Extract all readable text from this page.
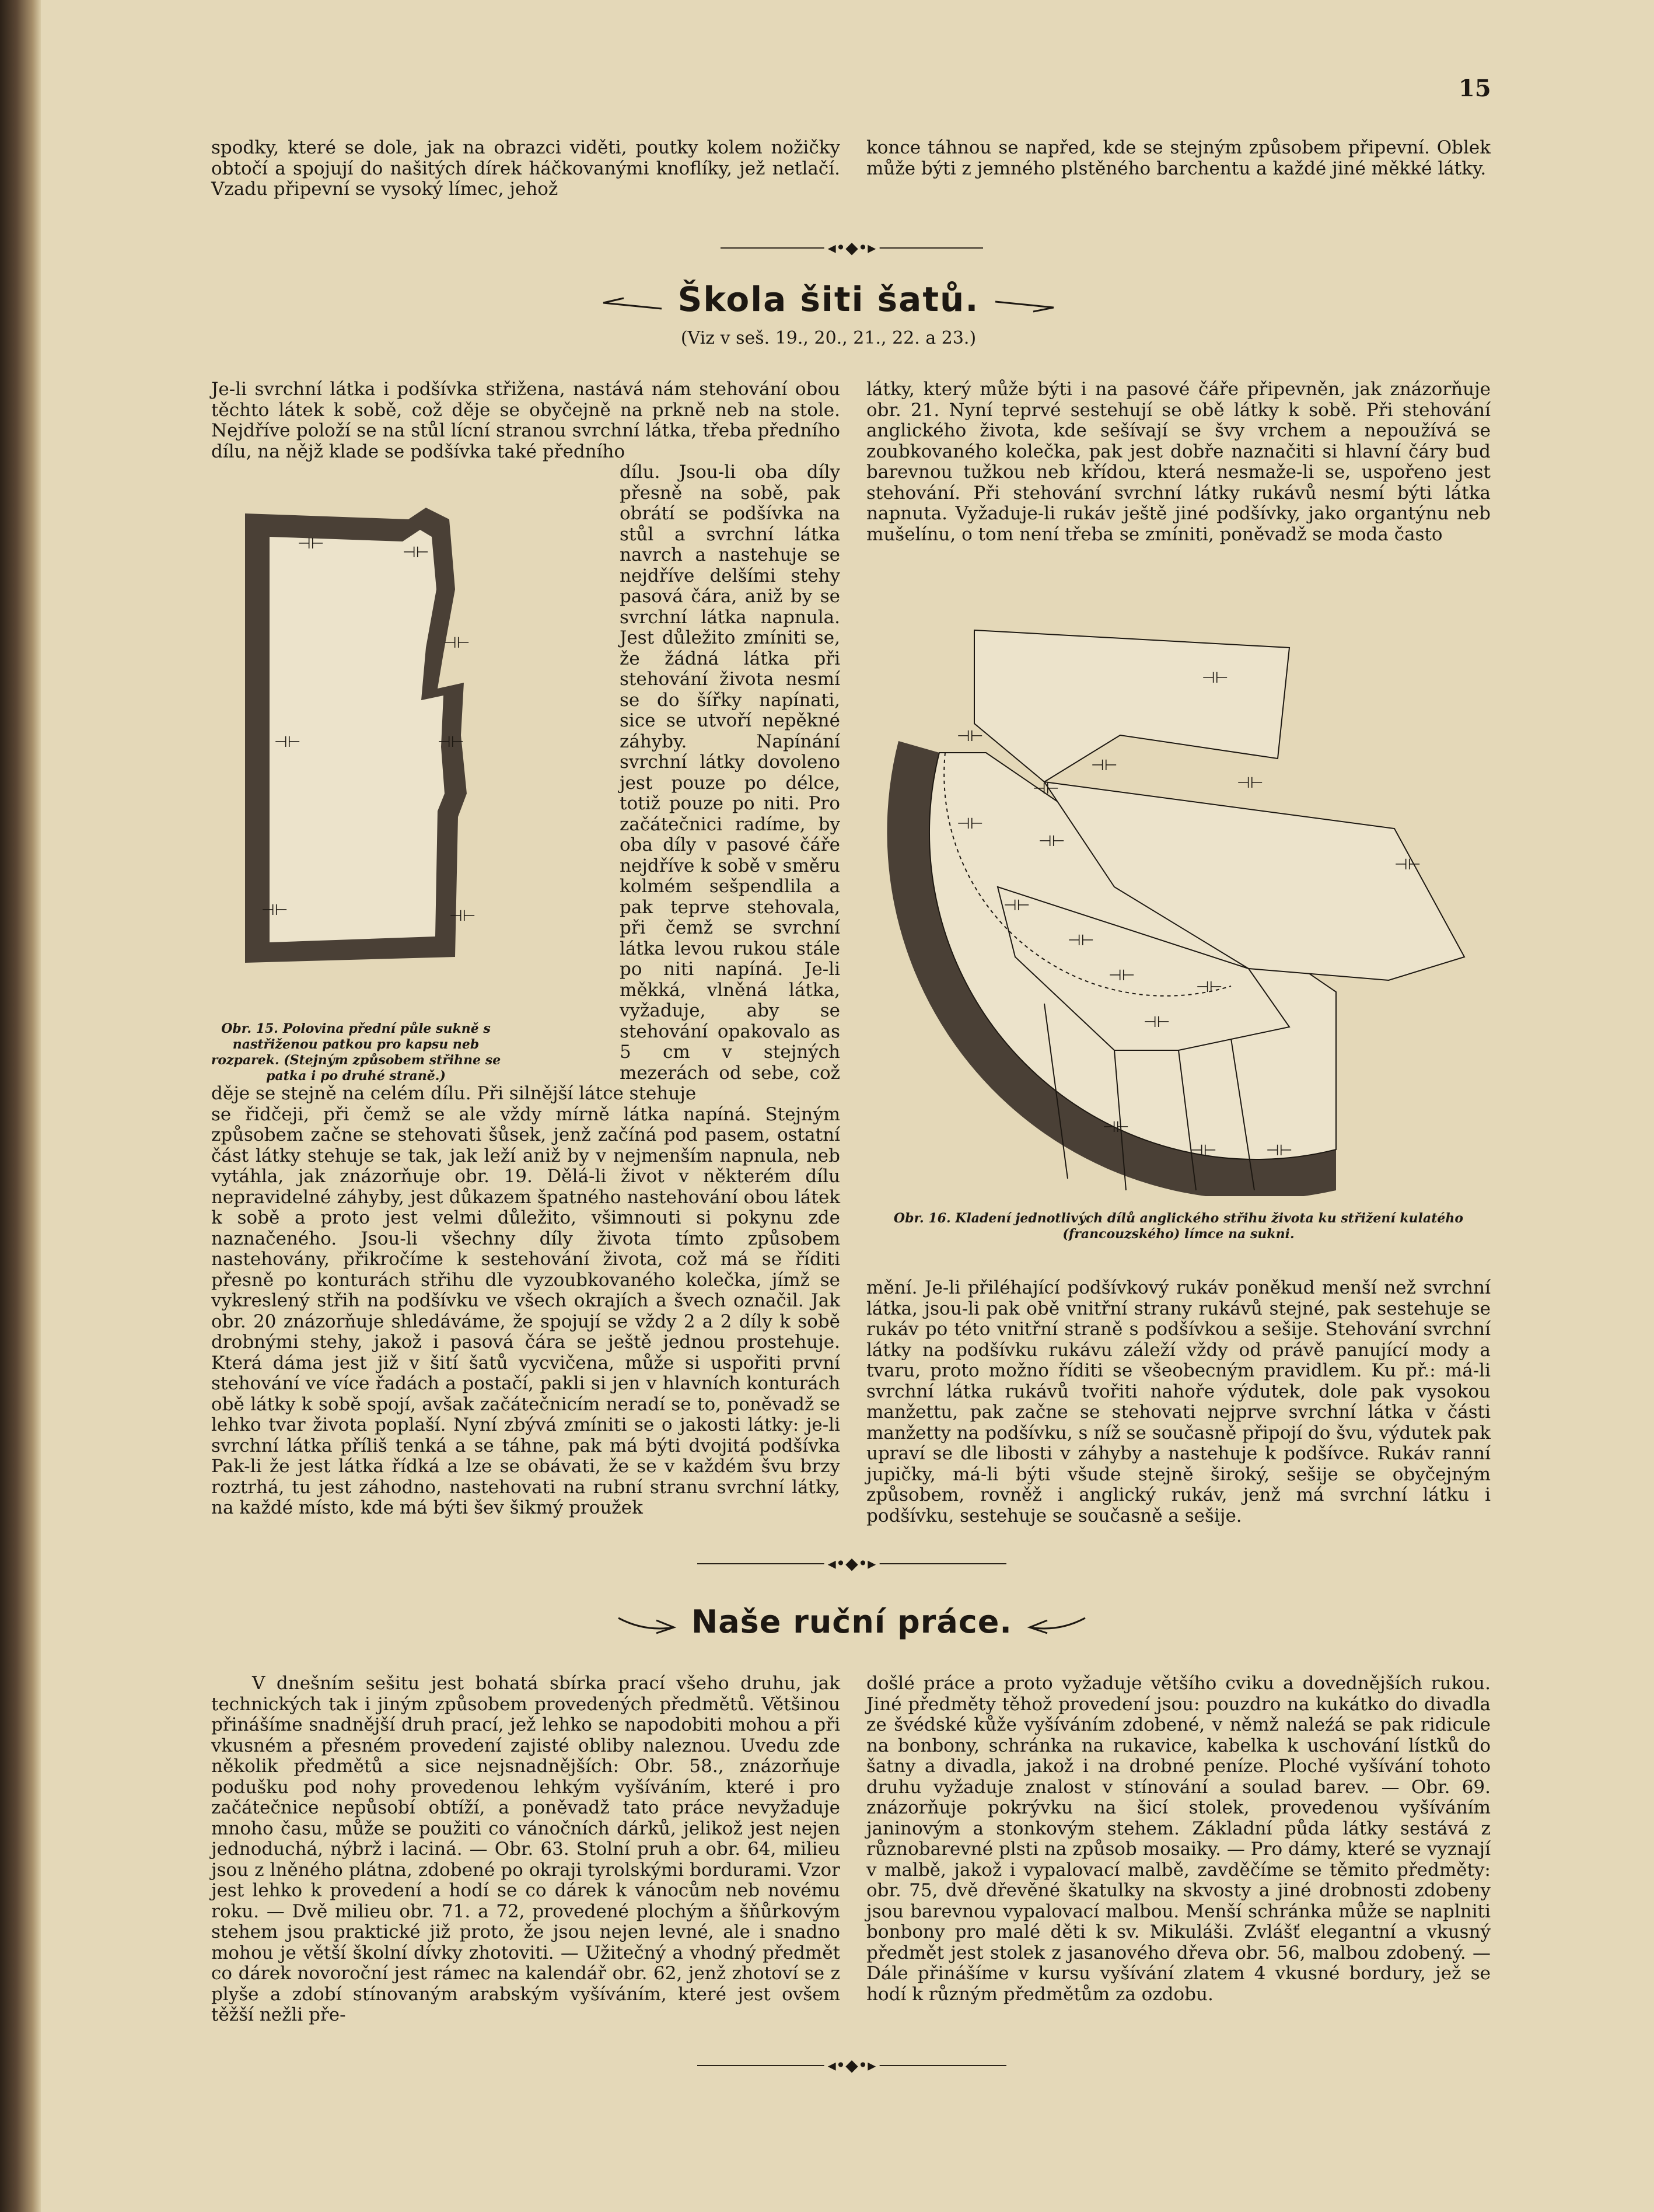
15

spodky, které se dole, jak na obrazci viděti, poutky kolem nožičky obtočí a spojují do našitých dírek háčkovanými knoflíky, jež netlačí. Vzadu připevní se vysoký límec, jehož

konce táhnou se napřed, kde se stejným způsobem připevní. Oblek může býti z jemného plstěného barchentu a každé jiné měkké látky.

◂•◆•▸
Škola šiti šatů.
(Viz v seš. 19., 20., 21., 22. a 23.)

Je-li svrchní látka i podšívka střižena, nastává nám stehování obou těchto látek k sobě, což děje se obyčejně na prkně neb na stole. Nejdříve položí se na stůl lícní stranou svrchní látka, třeba předního dílu, na nějž klade se podšívka také předního

dílu. Jsou-li oba díly přesně na sobě, pak obrátí se podšívka na stůl a svrchní látka navrch a nastehuje se nejdříve delšími stehy pasová čára, aniž by se svrchní látka napnula. Jest důležito zmíniti se, že žádná látka při stehování života nesmí se do šířky napínati, sice se utvoří nepěkné záhyby. Napínání svrchní látky dovoleno jest pouze po délce, totiž pouze po niti. Pro začátečnici radíme, by oba díly v pasové čáře nejdříve k sobě v směru kolmém sešpendlila a pak teprve stehovala, při čemž se svrchní látka levou rukou stále po niti napíná. Je-li měkká, vlněná látka, vyžaduje, aby se stehování opakovalo as 5 cm v stejných mezerách od sebe, což děje se stejně na celém dílu. Při silnější látce stehuje

se řidčeji, při čemž se ale vždy mírně látka napíná. Stejným způsobem začne se stehovati šůsek, jenž začíná pod pasem, ostatní část látky stehuje se tak, jak leží aniž by v nejmenším napnula, neb vytáhla, jak znázorňuje obr. 19. Dělá-li život v některém dílu nepravidelné záhyby, jest důkazem špatného nastehování obou látek k sobě a proto jest velmi důležito, všimnouti si pokynu zde naznačeného. Jsou-li všechny díly života tímto způsobem nastehovány, přikročíme k sestehování života, což má se říditi přesně po konturách střihu dle vyzoubkovaného kolečka, jímž se vykreslený střih na podšívku ve všech okrajích a švech označil. Jak obr. 20 znázorňuje shledáváme, že spojují se vždy 2 a 2 díly k sobě drobnými stehy, jakož i pasová čára se ještě jednou prostehuje. Která dáma jest již v šití šatů vycvičena, může si uspořiti první stehování ve více řadách a postačí, pakli si jen v hlavních konturách obě látky k sobě spojí, avšak začátečnicím neradí se to, poněvadž se lehko tvar života poplaší. Nyní zbývá zmíniti se o jakosti látky: je-li svrchní látka příliš tenká a se táhne, pak má býti dvojitá podšívka Pak-li že jest látka řídká a lze se obávati, že se v každém švu brzy roztrhá, tu jest záhodno, nastehovati na rubní stranu svrchní látky, na každé místo, kde má býti šev šikmý proužek

⊣⊢	⊣⊢
⊣⊢
⊣⊢	⊣⊢
⊣⊢	⊣⊢
Obr. 15. Polovina přední půle sukně s nastřiženou patkou pro kapsu neb rozparek. (Stejným způsobem střihne se patka i po druhé straně.)

látky, který může býti i na pasové čáře připevněn, jak znázorňuje obr. 21. Nyní teprvé sestehují se obě látky k sobě. Při stehování anglického života, kde sešívají se švy vrchem a nepoužívá se zoubkovaného kolečka, pak jest dobře naznačiti si hlavní čáry bud barevnou tužkou neb křídou, která nesmaže-li se, uspořeno jest stehování. Při stehování svrchní látky rukávů nesmí býti látka napnuta. Vyžaduje-li rukáv ještě jiné podšívky, jako organtýnu neb mušelínu, o tom není třeba se zmíniti, poněvadž se moda často

⊣⊢
⊣⊢
⊣⊢
⊣⊢
⊣⊢
⊣⊢
⊣⊢
⊣⊢
⊣⊢
⊣⊢
⊣⊢
⊣⊢
⊣⊢
⊣⊢
⊣⊢	⊣⊢
Obr. 16. Kladení jednotlivých dílů anglického střihu života ku střižení kulatého (francouzského) límce na sukni.

mění. Je-li přiléhající podšívkový rukáv poněkud menší než svrchní látka, jsou-li pak obě vnitřní strany rukávů stejné, pak sestehuje se rukáv po této vnitřní straně s podšívkou a sešije. Stehování svrchní látky na podšívku rukávu záleží vždy od právě panující mody a tvaru, proto možno říditi se všeobecným pravidlem. Ku př.: má-li svrchní látka rukávů tvořiti nahoře výdutek, dole pak vysokou manžettu, pak začne se stehovati nejprve svrchní látka v části manžetty na podšívku, s níž se současně připojí do švu, výdutek pak upraví se dle libosti v záhyby a nastehuje k podšívce. Rukáv ranní jupičky, má-li býti všude stejně široký, sešije se obyčejným způsobem, rovněž i anglický rukáv, jenž má svrchní látku i podšívku, sestehuje se současně a sešije.

◂•◆•▸
Naše ruční práce.

V dnešním sešitu jest bohatá sbírka prací všeho druhu, jak technických tak i jiným způsobem provedených předmětů. Většinou přinášíme snadnější druh prací, jež lehko se napodobiti mohou a při vkusném a přesném provedení zajisté obliby naleznou. Uvedu zde několik předmětů a sice nejsnadnějších: Obr. 58., znázorňuje podušku pod nohy provedenou lehkým vyšíváním, které i pro začátečnice nepůsobí obtíží, a poněvadž tato práce nevyžaduje mnoho času, může se použiti co vánočních dárků, jelikož jest nejen jednoduchá, nýbrž i laciná. — Obr. 63. Stolní pruh a obr. 64, milieu jsou z lněného plátna, zdobené po okraji tyrolskými bordurami. Vzor jest lehko k provedení a hodí se co dárek k vánocům neb novému roku. — Dvě milieu obr. 71. a 72, provedené plochým a šňůrkovým stehem jsou praktické již proto, že jsou nejen levné, ale i snadno mohou je větší školní dívky zhotoviti. — Užitečný a vhodný předmět co dárek novoroční jest rámec na kalendář obr. 62, jenž zhotoví se z plyše a zdobí stínovaným arabským vyšíváním, které jest ovšem těžší nežli pře-

došlé práce a proto vyžaduje většího cviku a dovednějších rukou. Jiné předměty těhož provedení jsou: pouzdro na kukátko do divadla ze švédské kůže vyšíváním zdobené, v němž naleźá se pak ridicule na bonbony, schránka na rukavice, kabelka k uschování lístků do šatny a divadla, jakož i na drobné peníze. Ploché vyšívání tohoto druhu vyžaduje znalost v stínování a soulad barev. — Obr. 69. znázorňuje pokrývku na šicí stolek, provedenou vyšíváním janinovým a stonkovým stehem. Základní půda látky sestává z různobarevné plsti na způsob mosaiky. — Pro dámy, které se vyznají v malbě, jakož i vypalovací malbě, zavděčíme se těmito předměty: obr. 75, dvě dřevěné škatulky na skvosty a jiné drobnosti zdobeny jsou barevnou vypalovací malbou. Menší schránka může se naplniti bonbony pro malé děti k sv. Mikuláši. Zvlášť elegantní a vkusný předmět jest stolek z jasanového dřeva obr. 56, malbou zdobený. — Dále přinášíme v kursu vyšívání zlatem 4 vkusné bordury, jež se hodí k různým předmětům za ozdobu.

◂•◆•▸
